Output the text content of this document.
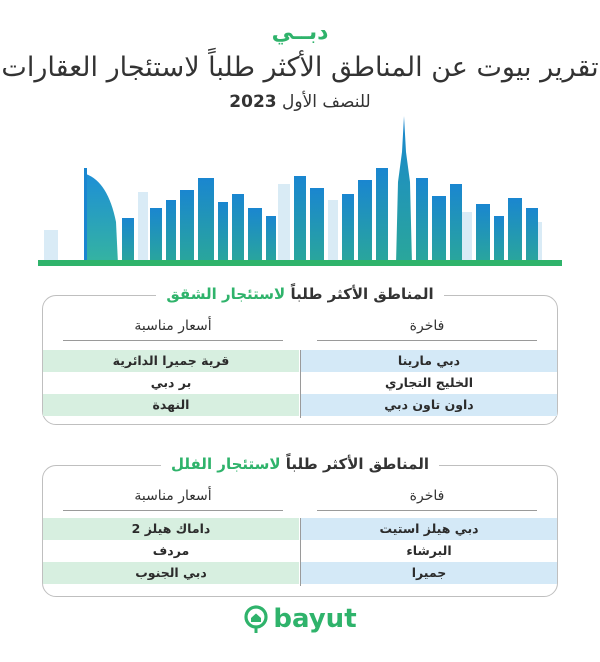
دبــي
تقرير بيوت عن المناطق الأكثر طلباً لاستئجار العقارات
للنصف الأول 2023
المناطق الأكثر طلباً لاستئجار الشقق
فاخرة
أسعار مناسبة
دبي مارينا
قرية جميرا الدائرية
الخليج التجاري
بر دبي
داون تاون دبي
النهدة
المناطق الأكثر طلباً لاستئجار الفلل
فاخرة
أسعار مناسبة
دبي هيلز استيت
داماك هيلز 2
البرشاء
مردف
جميرا
دبي الجنوب
bayut
